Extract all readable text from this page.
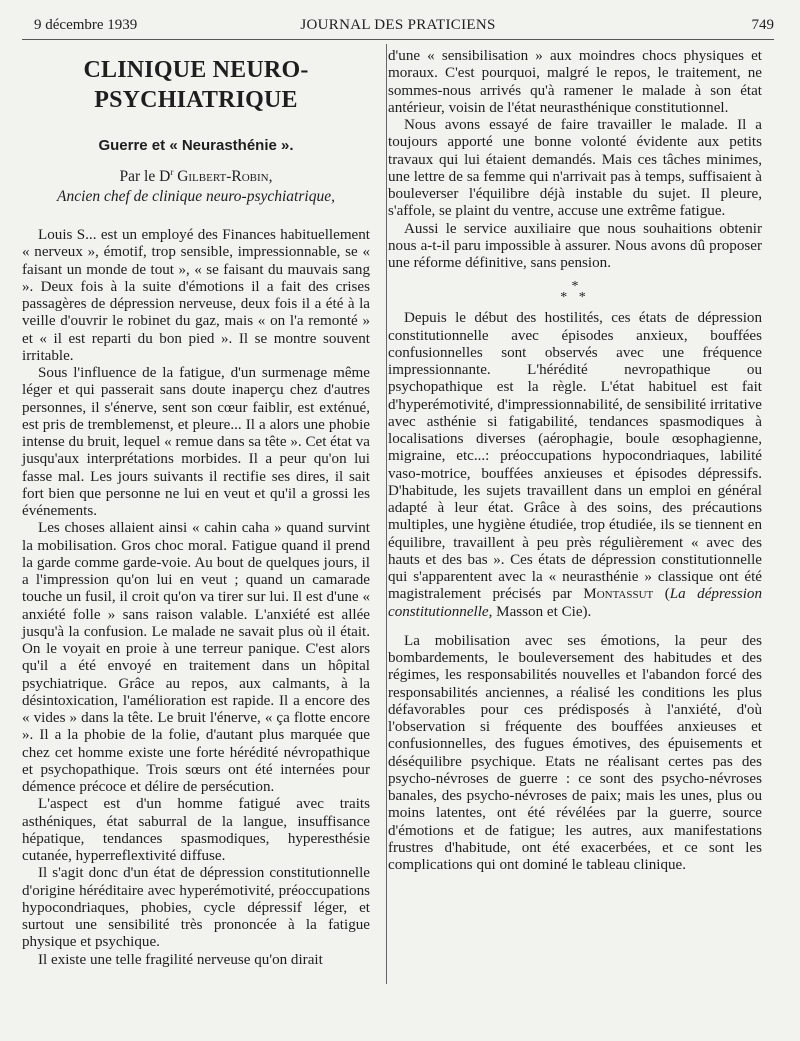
9 décembre 1939	JOURNAL DES PRATICIENS	749
CLINIQUE NEURO-PSYCHIATRIQUE
Guerre et « Neurasthénie ».
Par le $D^r$ Gilbert-Robin,
Ancien chef de clinique neuro-psychiatrique,

Louis S... est un employé des Finances habituellement « nerveux », émotif, trop sensible, impressionnable, se « faisant un monde de tout », « se faisant du mauvais sang ». Deux fois à la suite d'émotions il a fait des crises passagères de dépression nerveuse, deux fois il a été à la veille d'ouvrir le robinet du gaz, mais « on l'a remonté » et « il est reparti du bon pied ». Il se montre souvent irritable.

Sous l'influence de la fatigue, d'un surmenage même léger et qui passerait sans doute inaperçu chez d'autres personnes, il s'énerve, sent son cœur faiblir, est exténué, est pris de tremblemenst, et pleure... Il a alors une phobie intense du bruit, lequel « remue dans sa tête ». Cet état va jusqu'aux interprétations morbides. Il a peur qu'on lui fasse mal. Les jours suivants il rectifie ses dires, il sait fort bien que personne ne lui en veut et qu'il a grossi les événements.

Les choses allaient ainsi « cahin caha » quand survint la mobilisation. Gros choc moral. Fatigue quand il prend la garde comme garde-voie. Au bout de quelques jours, il a l'impression qu'on lui en veut ; quand un camarade touche un fusil, il croit qu'on va tirer sur lui. Il est d'une « anxiété folle » sans raison valable. L'anxiété est allée jusqu'à la confusion. Le malade ne savait plus où il était. On le voyait en proie à une terreur panique. C'est alors qu'il a été envoyé en traitement dans un hôpital psychiatrique. Grâce au repos, aux calmants, à la désintoxication, l'amélioration est rapide. Il a encore des « vides » dans la tête. Le bruit l'énerve, « ça flotte encore ». Il a la phobie de la folie, d'autant plus marquée que chez cet homme existe une forte hérédité névropathique et psychopathique. Trois sœurs ont été internées pour démence précoce et délire de persécution.

L'aspect est d'un homme fatigué avec traits asthéniques, état saburral de la langue, insuffisance hépatique, tendances spasmodiques, hyperesthésie cutanée, hyperreflextivité diffuse.

Il s'agit donc d'un état de dépression constitutionnelle d'origine héréditaire avec hyperémotivité, préoccupations hypocondriaques, phobies, cycle dépressif léger, et surtout une sensibilité très prononcée à la fatigue physique et psychique.

Il existe une telle fragilité nerveuse qu'on dirait

d'une « sensibilisation » aux moindres chocs physiques et moraux. C'est pourquoi, malgré le repos, le traitement, ne sommes-nous arrivés qu'à ramener le malade à son état antérieur, voisin de l'état neurasthénique constitutionnel.

Nous avons essayé de faire travailler le malade. Il a toujours apporté une bonne volonté évidente aux petits travaux qui lui étaient demandés. Mais ces tâches minimes, une lettre de sa femme qui n'arrivait pas à temps, suffisaient à bouleverser l'équilibre déjà instable du sujet. Il pleure, s'affole, se plaint du ventre, accuse une extrême fatigue.

Aussi le service auxiliaire que nous souhaitions obtenir nous a-t-il paru impossible à assurer. Nous avons dû proposer une réforme définitive, sans pension.

*
* *

Depuis le début des hostilités, ces états de dépression constitutionnelle avec épisodes anxieux, bouffées confusionnelles sont observés avec une fréquence impressionnante. L'hérédité nevropathique ou psychopathique est la règle. L'état habituel est fait d'hyperémotivité, d'impressionnabilité, de sensibilité irritative avec asthénie si fatigabilité, tendances spasmodiques à localisations diverses (aérophagie, boule œsophagienne, migraine, etc...: préoccupations hypocondriaques, labilité vaso-motrice, bouffées anxieuses et épisodes dépressifs. D'habitude, les sujets travaillent dans un emploi en général adapté à leur état. Grâce à des soins, des précautions multiples, une hygiène étudiée, trop étudiée, ils se tiennent en équilibre, travaillent à peu près régulièrement « avec des hauts et des bas ». Ces états de dépression constitutionnelle qui s'apparentent avec la « neurasthénie » classique ont été magistralement précisés par Montassut (La dépression constitutionnelle, Masson et Cie).

La mobilisation avec ses émotions, la peur des bombardements, le bouleversement des habitudes et des régimes, les responsabilités nouvelles et l'abandon forcé des responsabilités anciennes, a réalisé les conditions les plus défavorables pour ces prédisposés à l'anxiété, d'où l'observation si fréquente des bouffées anxieuses et confusionnelles, des fugues émotives, des épuisements et déséquilibre psychique. Etats ne réalisant certes pas des psycho-névroses de guerre : ce sont des psycho-névroses banales, des psycho-névroses de paix; mais les unes, plus ou moins latentes, ont été révélées par la guerre, source d'émotions et de fatigue; les autres, aux manifestations frustres d'habitude, ont été exacerbées, et ce sont les complications qui ont dominé le tableau clinique.
